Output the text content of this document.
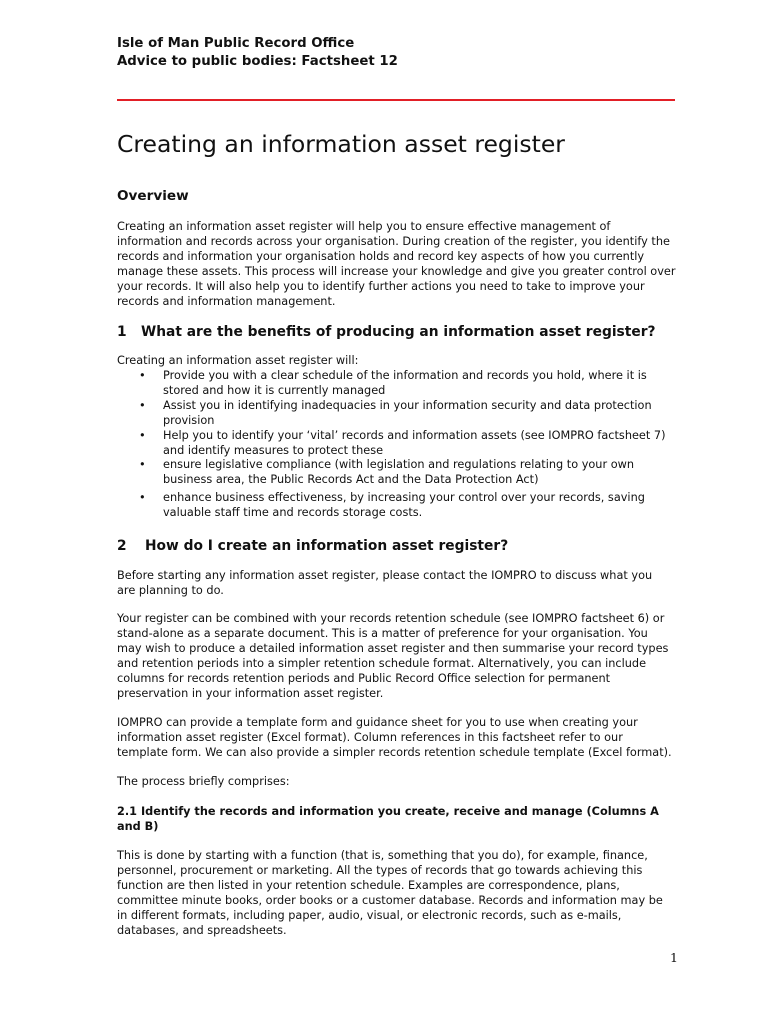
Isle of Man Public Record Office
Advice to public bodies: Factsheet 12
Creating an information asset register
Overview
Creating an information asset register will help you to ensure effective management of
information and records across your organisation. During creation of the register, you identify the
records and information your organisation holds and record key aspects of how you currently
manage these assets. This process will increase your knowledge and give you greater control over
your records. It will also help you to identify further actions you need to take to improve your
records and information management.
1 What are the benefits of producing an information asset register?
Creating an information asset register will:
• Provide you with a clear schedule of the information and records you hold, where it is
stored and how it is currently managed
• Assist you in identifying inadequacies in your information security and data protection
provision
• Help you to identify your ‘vital’ records and information assets (see IOMPRO factsheet 7)
and identify measures to protect these
• ensure legislative compliance (with legislation and regulations relating to your own
business area, the Public Records Act and the Data Protection Act)
• enhance business effectiveness, by increasing your control over your records, saving
valuable staff time and records storage costs.
2 How do I create an information asset register?
Before starting any information asset register, please contact the IOMPRO to discuss what you
are planning to do.
Your register can be combined with your records retention schedule (see IOMPRO factsheet 6) or
stand-alone as a separate document. This is a matter of preference for your organisation. You
may wish to produce a detailed information asset register and then summarise your record types
and retention periods into a simpler retention schedule format. Alternatively, you can include
columns for records retention periods and Public Record Office selection for permanent
preservation in your information asset register.
IOMPRO can provide a template form and guidance sheet for you to use when creating your
information asset register (Excel format). Column references in this factsheet refer to our
template form. We can also provide a simpler records retention schedule template (Excel format).
The process briefly comprises:
2.1 Identify the records and information you create, receive and manage (Columns A and B)
This is done by starting with a function (that is, something that you do), for example, finance,
personnel, procurement or marketing. All the types of records that go towards achieving this
function are then listed in your retention schedule. Examples are correspondence, plans,
committee minute books, order books or a customer database. Records and information may be
in different formats, including paper, audio, visual, or electronic records, such as e-mails,
databases, and spreadsheets.
1
